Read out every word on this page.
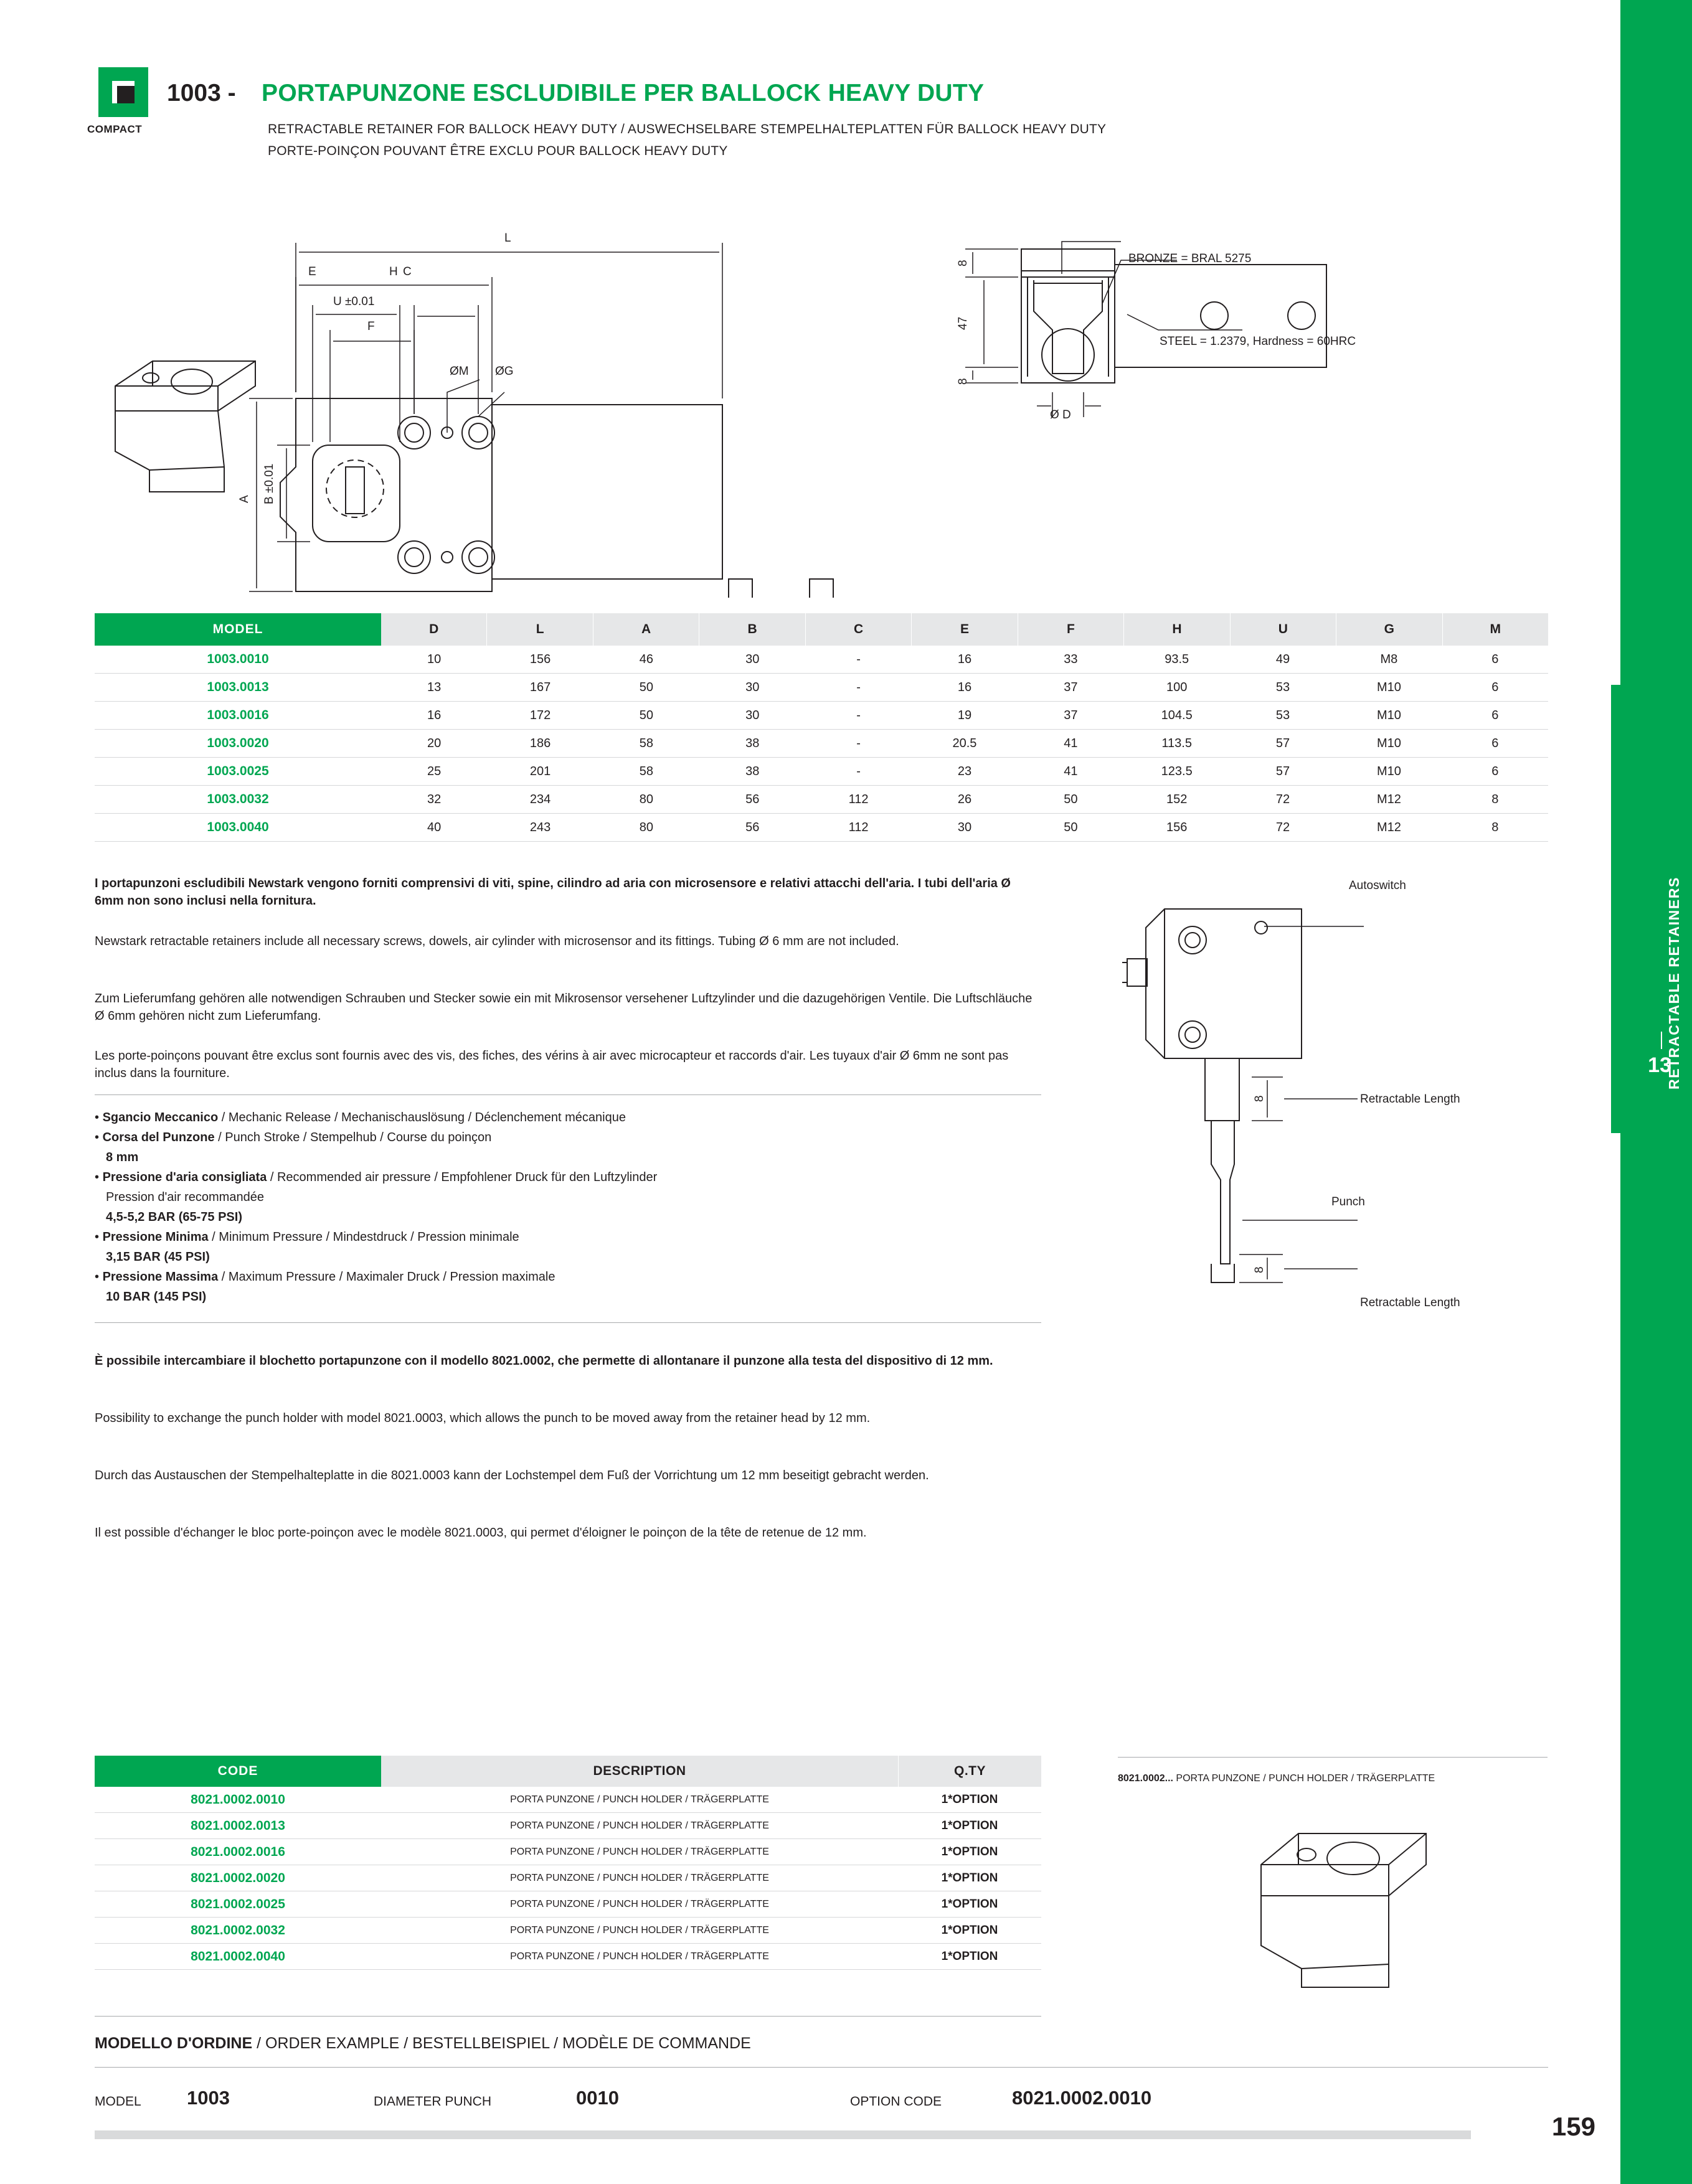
RETRACTABLE RETAINERS
13
COMPACT
1003 - PORTAPUNZONE ESCLUDIBILE PER BALLOCK HEAVY DUTY
RETRACTABLE RETAINER FOR BALLOCK HEAVY DUTY / AUSWECHSELBARE STEMPELHALTEPLATTEN FÜR BALLOCK HEAVY DUTY
PORTE-POINÇON POUVANT ÊTRE EXCLU POUR BALLOCK HEAVY DUTY
L
H
E	C
U ±0.01
F
A B ±0.01
ØM ØG
8
47
8
Ø D
BRONZE = BRAL 5275
STEEL = 1.2379, Hardness = 60HRC
MODEL	D	L	A	B	C	E	F	H	U	G	M
1003.0010	10	156	46	30	-	16	33	93.5	49	M8	6
1003.0013	13	167	50	30	-	16	37	100	53	M10	6
1003.0016	16	172	50	30	-	19	37	104.5	53	M10	6
1003.0020	20	186	58	38	-	20.5	41	113.5	57	M10	6
1003.0025	25	201	58	38	-	23	41	123.5	57	M10	6
1003.0032	32	234	80	56	112	26	50	152	72	M12	8
1003.0040	40	243	80	56	112	30	50	156	72	M12	8
I portapunzoni escludibili Newstark vengono forniti comprensivi di viti, spine, cilindro ad aria con microsensore e relativi attacchi dell'aria. I tubi dell'aria Ø 6mm non sono inclusi nella fornitura.
Newstark retractable retainers include all necessary screws, dowels, air cylinder with microsensor and its fittings. Tubing Ø 6 mm are not included.
Zum Lieferumfang gehören alle notwendigen Schrauben und Stecker sowie ein mit Mikrosensor versehener Luftzylinder und die dazugehörigen Ventile. Die Luftschläuche Ø 6mm gehören nicht zum Lieferumfang.
Les porte-poinçons pouvant être exclus sont fournis avec des vis, des fiches, des vérins à air avec microcapteur et raccords d'air. Les tuyaux d'air Ø 6mm ne sont pas inclus dans la fourniture.
• Sgancio Meccanico / Mechanic Release / Mechanischauslösung / Déclenchement mécanique
• Corsa del Punzone / Punch Stroke / Stempelhub / Course du poinçon
8 mm
• Pressione d'aria consigliata / Recommended air pressure / Empfohlener Druck für den Luftzylinder
Pression d'air recommandée
4,5-5,2 BAR (65-75 PSI)
• Pressione Minima / Minimum Pressure / Mindestdruck / Pression minimale
3,15 BAR (45 PSI)
• Pressione Massima / Maximum Pressure / Maximaler Druck / Pression maximale
10 BAR (145 PSI)
È possibile intercambiare il blochetto portapunzone con il modello 8021.0002, che permette di allontanare il punzone alla testa del dispositivo di 12 mm.
Possibility to exchange the punch holder with model 8021.0003, which allows the punch to be moved away from the retainer head by 12 mm.
Durch das Austauschen der Stempelhalteplatte in die 8021.0003 kann der Lochstempel dem Fuß der Vorrichtung um 12 mm beseitigt gebracht werden.
Il est possible d'échanger le bloc porte-poinçon avec le modèle 8021.0003, qui permet d'éloigner le poinçon de la tête de retenue de 12 mm.
8
8
Autoswitch
Retractable Length
Punch
Retractable Length
CODE	DESCRIPTION	Q.TY
8021.0002.0010	PORTA PUNZONE / PUNCH HOLDER / TRÄGERPLATTE	1*OPTION
8021.0002.0013	PORTA PUNZONE / PUNCH HOLDER / TRÄGERPLATTE	1*OPTION
8021.0002.0016	PORTA PUNZONE / PUNCH HOLDER / TRÄGERPLATTE	1*OPTION
8021.0002.0020	PORTA PUNZONE / PUNCH HOLDER / TRÄGERPLATTE	1*OPTION
8021.0002.0025	PORTA PUNZONE / PUNCH HOLDER / TRÄGERPLATTE	1*OPTION
8021.0002.0032	PORTA PUNZONE / PUNCH HOLDER / TRÄGERPLATTE	1*OPTION
8021.0002.0040	PORTA PUNZONE / PUNCH HOLDER / TRÄGERPLATTE	1*OPTION
8021.0002... PORTA PUNZONE / PUNCH HOLDER / TRÄGERPLATTE
MODELLO D'ORDINE / ORDER EXAMPLE / BESTELLBEISPIEL / MODÈLE DE COMMANDE
MODEL 1003	DIAMETER PUNCH	0010	OPTION CODE	8021.0002.0010
159
